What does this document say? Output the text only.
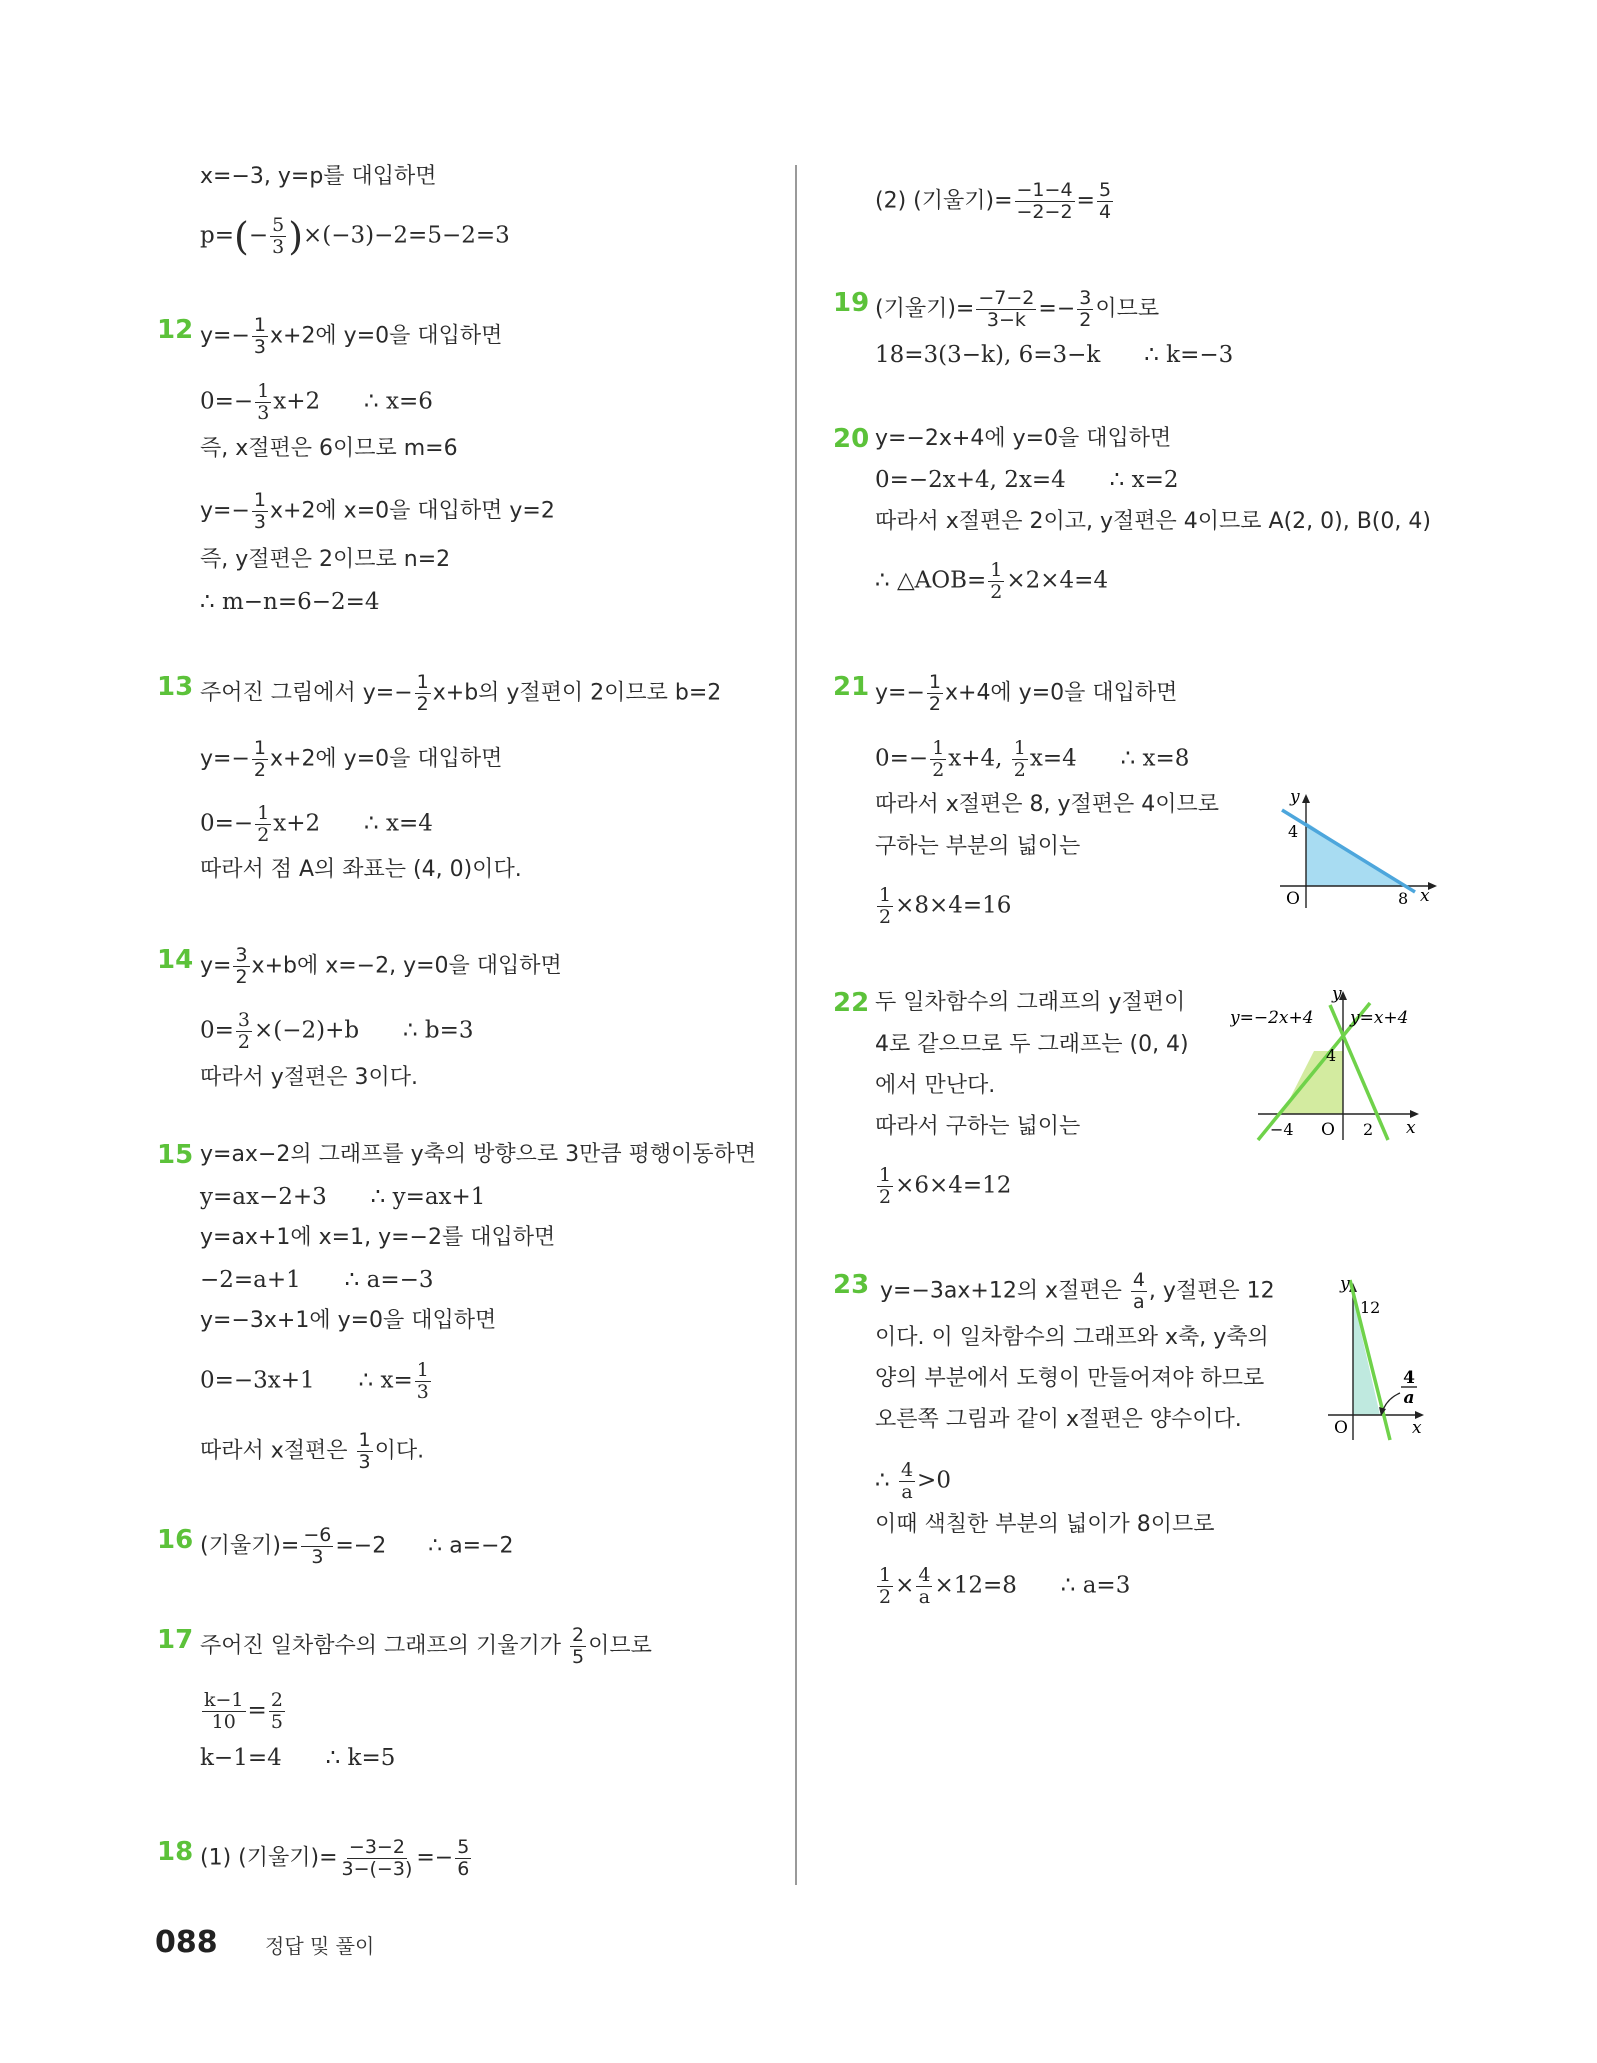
x=−3, y=p를 대입하면
$p=(- \frac{5}{3} )\times(-3)-2=5-2=3$
12 $y=- \frac{1}{3} x+2$에 y=0을 대입하면
$0=- \frac{1}{3} x+2$      ∴ x=6
즉, x절편은 6이므로 m=6
$y=- \frac{1}{3} x+2$에 x=0을 대입하면 y=2
즉, y절편은 2이므로 n=2
∴ m−n=6−2=4
13 주어진 그림에서 $y=- \frac{1}{2} x+b$의 y절편이 2이므로 b=2
$y=- \frac{1}{2} x+2$에 y=0을 대입하면
$0=- \frac{1}{2} x+2$      ∴ x=4
따라서 점 A의 좌표는 (4, 0)이다.
14 $y= \frac{3}{2} x+b$에 x=−2, y=0을 대입하면
$0= \frac{3}{2} \times(-2)+b$      ∴ b=3
따라서 y절편은 3이다.
15 y=ax−2의 그래프를 y축의 방향으로 3만큼 평행이동하면
y=ax−2+3      ∴ y=ax+1
y=ax+1에 x=1, y=−2를 대입하면
−2=a+1      ∴ a=−3
y=−3x+1에 y=0을 대입하면
0=−3x+1      ∴ $x= \frac{1}{3}$
따라서 x절편은 $\frac{1}{3}$ 이다.
16 (기울기)= $\frac{-6}{3} =-2$      ∴ a=−2
17 주어진 일차함수의 그래프의 기울기가 $\frac{2}{5}$ 이므로
$\frac{k-1}{10} = \frac{2}{5}$
k−1=4      ∴ k=5
18 (1) (기울기)= $\frac{-3-2}{3-(-3)} =- \frac{5}{6}$
(2) (기울기)= $\frac{-1-4}{-2-2} = \frac{5}{4}$
19 (기울기)= $\frac{-7-2}{3-k} =- \frac{3}{2}$ 이므로
18=3(3−k), 6=3−k      ∴ k=−3
20 y=−2x+4에 y=0을 대입하면
0=−2x+4, 2x=4      ∴ x=2
따라서 x절편은 2이고, y절편은 4이므로 A(2, 0), B(0, 4)
∴ △AOB= $\frac{1}{2} \times 2\times 4=4$
21 $y=- \frac{1}{2} x+4$에 y=0을 대입하면
$0=- \frac{1}{2} x+4$, $\frac{1}{2} x=4$      ∴ x=8
따라서 x절편은 8, y절편은 4이므로
구하는 부분의 넓이는
$\frac{1}{2} \times 8\times 4=16$
y
x
O
4
8
22 두 일차함수의 그래프의 y절편이
4로 같으므로 두 그래프는 (0, 4)
에서 만난다.
따라서 구하는 넓이는
$\frac{1}{2} \times 6\times 4=12$
y
x
O
y=−2x+4 y=x+4
4
−4	2
23 y=−3ax+12의 x절편은 $\frac{4}{a}$ , y절편은 12
이다. 이 일차함수의 그래프와 x축, y축의
양의 부분에서 도형이 만들어져야 하므로
오른쪽 그림과 같이 x절편은 양수이다.
∴ $\frac{4}{a} >0$
이때 색칠한 부분의 넓이가 8이므로
$\frac{1}{2} \times \frac{4}{a} \times 12=8$      ∴ a=3
y
x
O
12
4
a
088 정답 및 풀이
